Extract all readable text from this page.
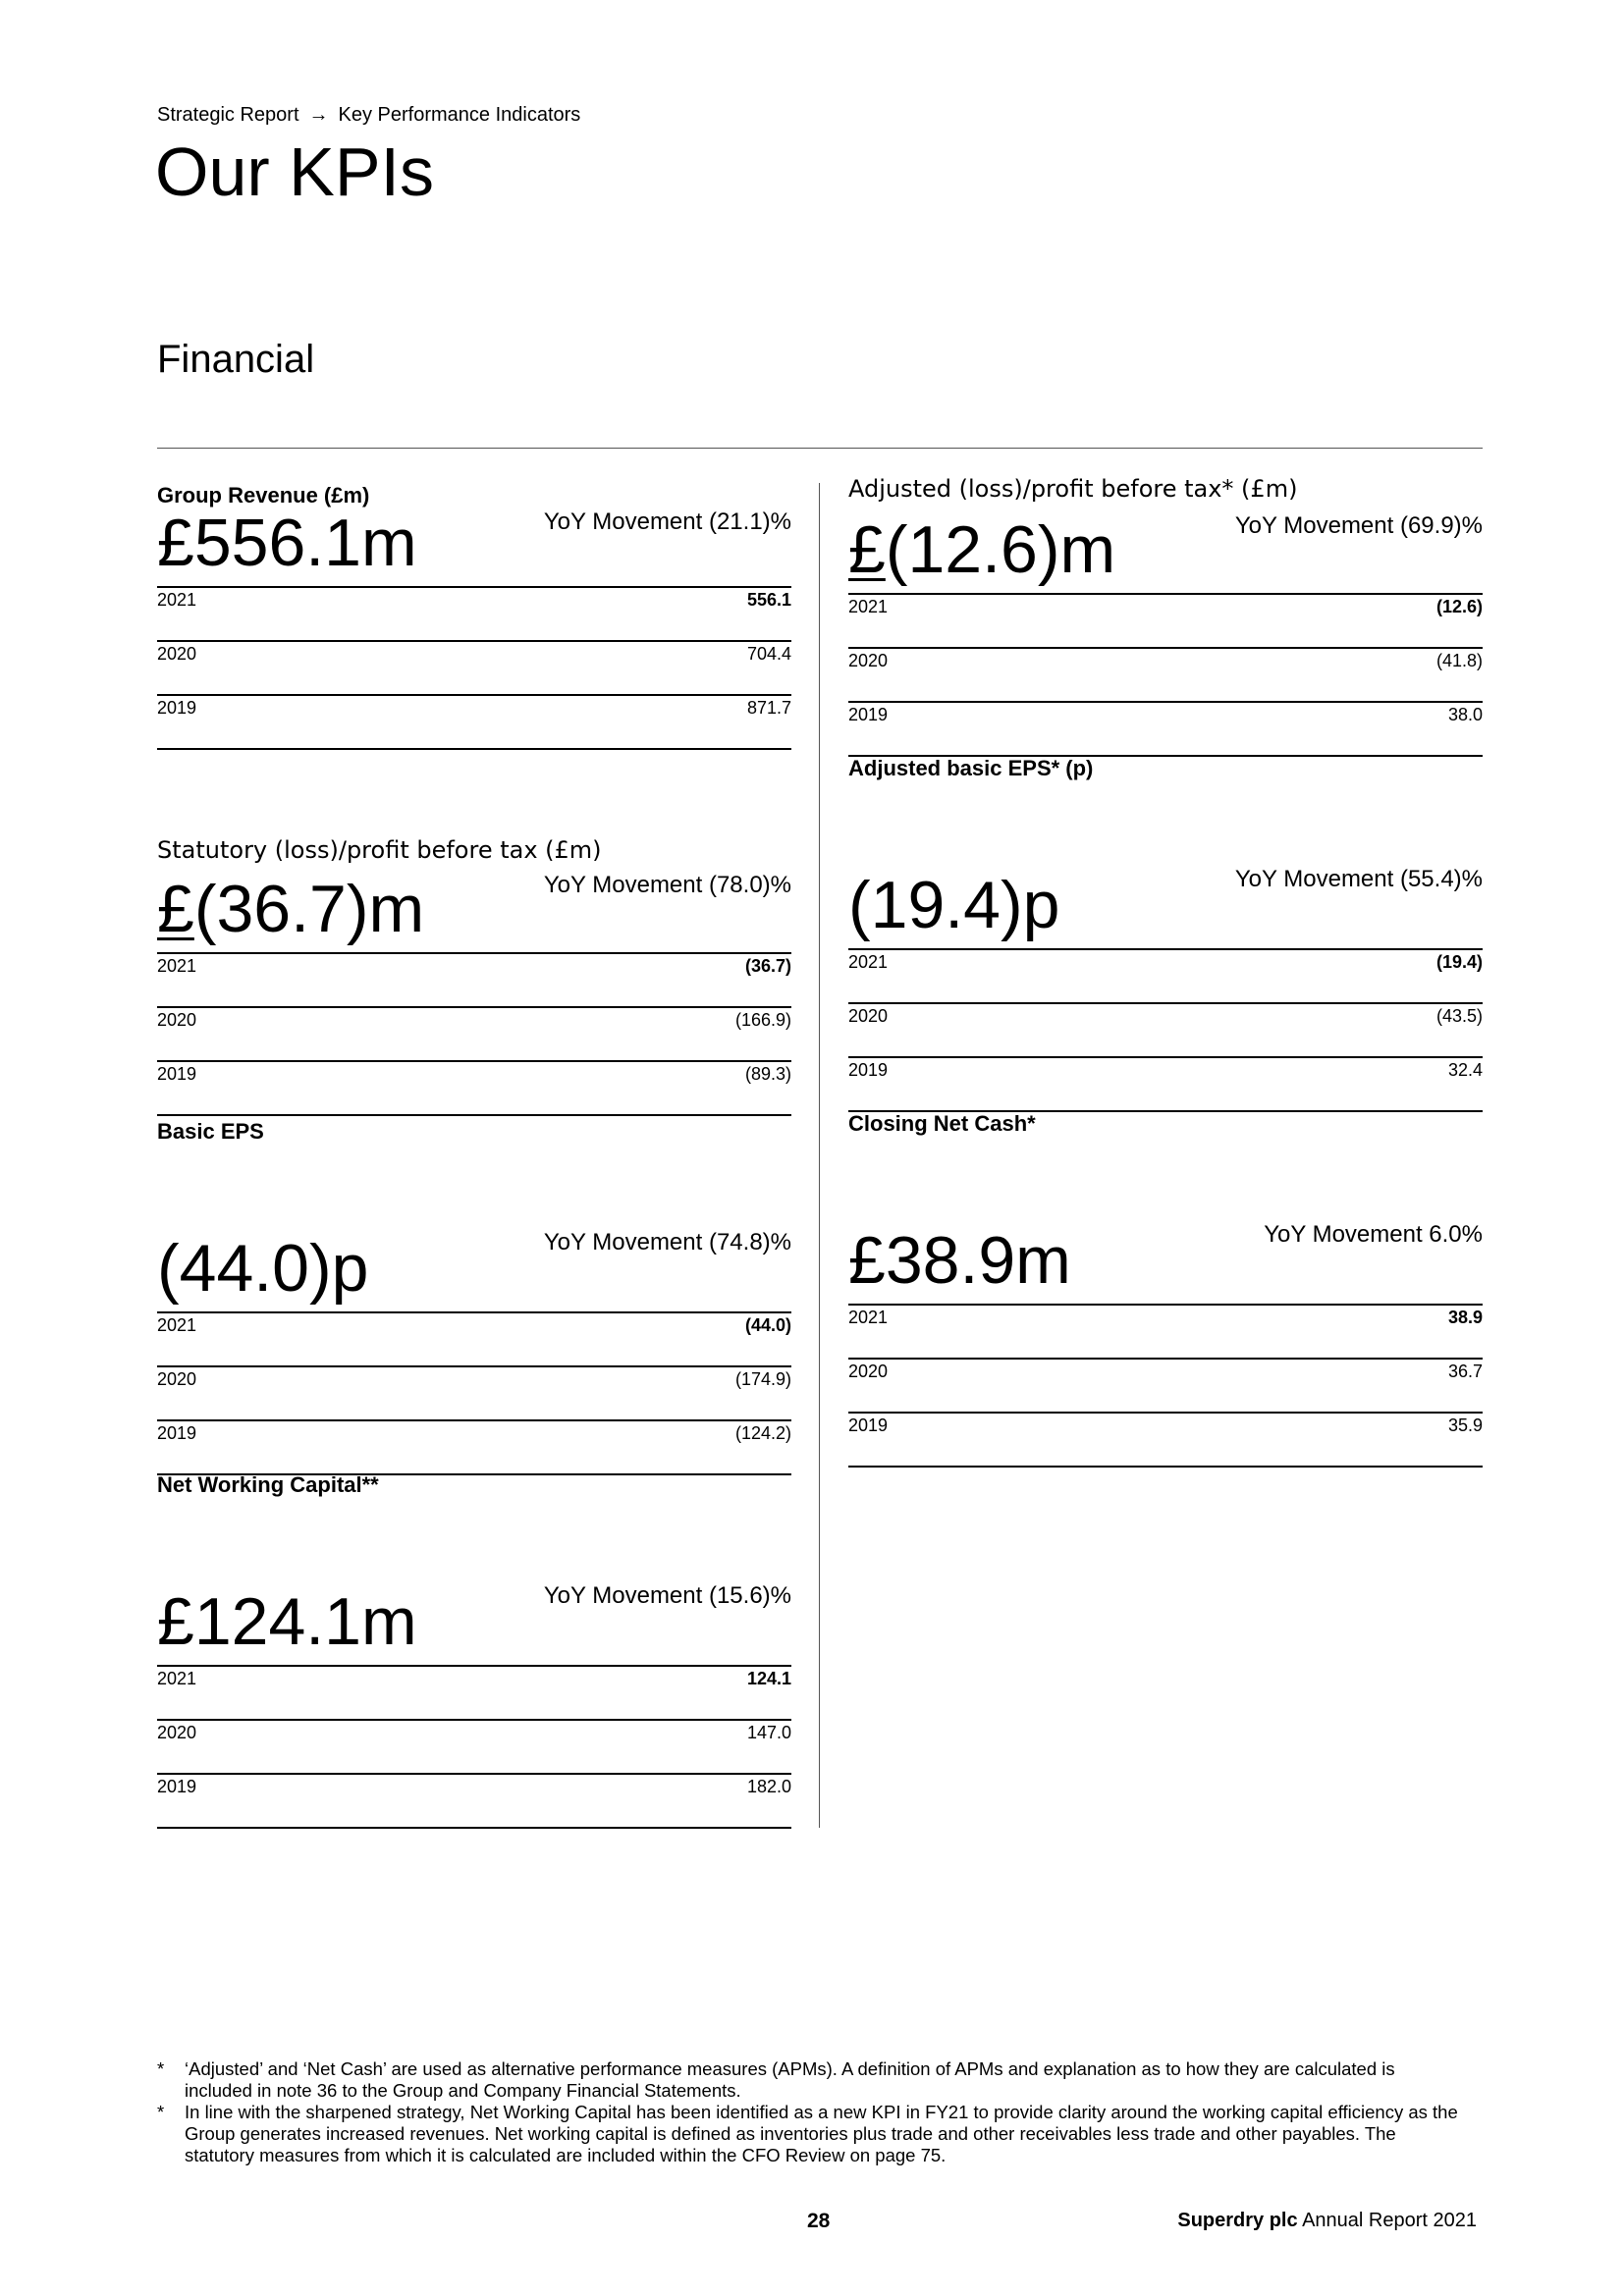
Strategic Report → Key Performance Indicators
Our KPIs
Financial
Group Revenue (£m)
£556.1m	YoY Movement (21.1)%
2021	556.1
2020	704.4
2019	871.7
Adjusted (loss)/profit before tax* (£m)
£(12.6)m	YoY Movement (69.9)%
2021	(12.6)
2020	(41.8)
2019	38.0
Statutory (loss)/profit before tax (£m)
£(36.7)m	YoY Movement (78.0)%
2021	(36.7)
2020	(166.9)
2019	(89.3)
Adjusted basic EPS* (p)
(19.4)p	YoY Movement (55.4)%
2021	(19.4)
2020	(43.5)
2019	32.4
Basic EPS
(44.0)p	YoY Movement (74.8)%
2021	(44.0)
2020	(174.9)
2019	(124.2)
Closing Net Cash*
£38.9m	YoY Movement 6.0%
2021	38.9
2020	36.7
2019	35.9
Net Working Capital**
£124.1m	YoY Movement (15.6)%
2021	124.1
2020	147.0
2019	182.0
* ‘Adjusted’ and ‘Net Cash’ are used as alternative performance measures (APMs). A definition of APMs and explanation as to how they are calculated is included in note 36 to the Group and Company Financial Statements.
* In line with the sharpened strategy, Net Working Capital has been identified as a new KPI in FY21 to provide clarity around the working capital efficiency as the Group generates increased revenues. Net working capital is defined as inventories plus trade and other receivables less trade and other payables. The statutory measures from which it is calculated are included within the CFO Review on page 75.
28	Superdry plc Annual Report 2021
